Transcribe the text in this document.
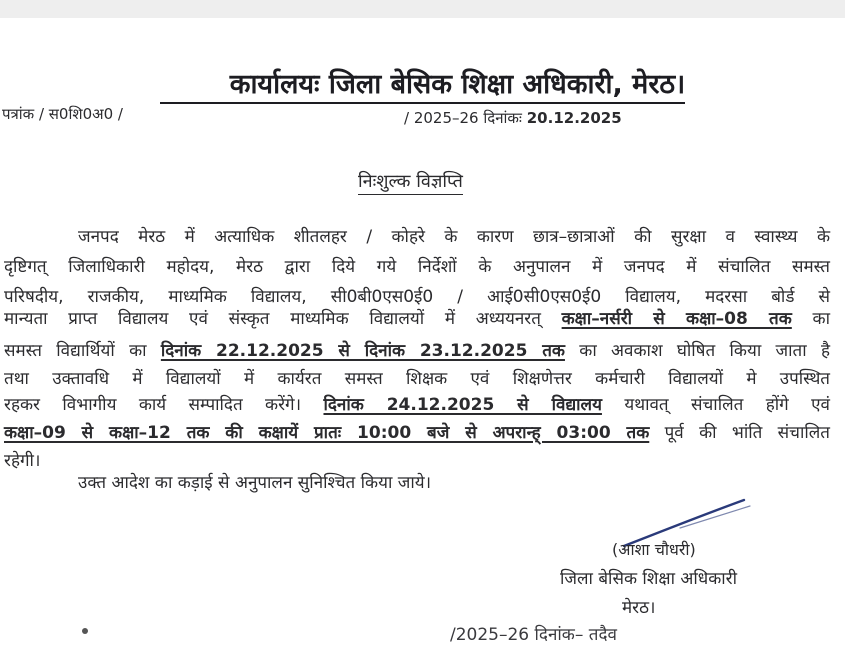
कार्यालयः जिला बेसिक शिक्षा अधिकारी, मेरठ।
पत्रांक / स0शि0अ0 /	/ 2025–26 दिनांकः 20.12.2025
निःशुल्क विज्ञप्ति
जनपद मेरठ में अत्याधिक शीतलहर / कोहरे के कारण छात्र–छात्राओं की सुरक्षा व स्वास्थ्य के
दृष्टिगत् जिलाधिकारी महोदय, मेरठ द्वारा दिये गये निर्देशों के अनुपालन में जनपद में संचालित समस्त
परिषदीय, राजकीय, माध्यमिक विद्यालय, सी0बी0एस0ई0 / आई0सी0एस0ई0 विद्यालय, मदरसा बोर्ड से
मान्यता प्राप्त विद्यालय एवं संस्कृत माध्यमिक विद्यालयों में अध्ययनरत् कक्षा–नर्सरी से कक्षा–08 तक का
समस्त विद्यार्थियों का दिनांक 22.12.2025 से दिनांक 23.12.2025 तक का अवकाश घोषित किया जाता है
तथा उक्तावधि में विद्यालयों में कार्यरत समस्त शिक्षक एवं शिक्षणेत्तर कर्मचारी विद्यालयों मे उपस्थित
रहकर विभागीय कार्य सम्पादित करेंगे। दिनांक 24.12.2025 से विद्यालय यथावत् संचालित होंगे एवं
कक्षा–09 से कक्षा–12 तक की कक्षायें प्रातः 10:00 बजे से अपरान्ह् 03:00 तक पूर्व की भांति संचालित
रहेगी।
उक्त आदेश का कड़ाई से अनुपालन सुनिश्चित किया जाये।
(आशा चौधरी)
जिला बेसिक शिक्षा अधिकारी
मेरठ।
/2025–26 दिनांक– तदैव
